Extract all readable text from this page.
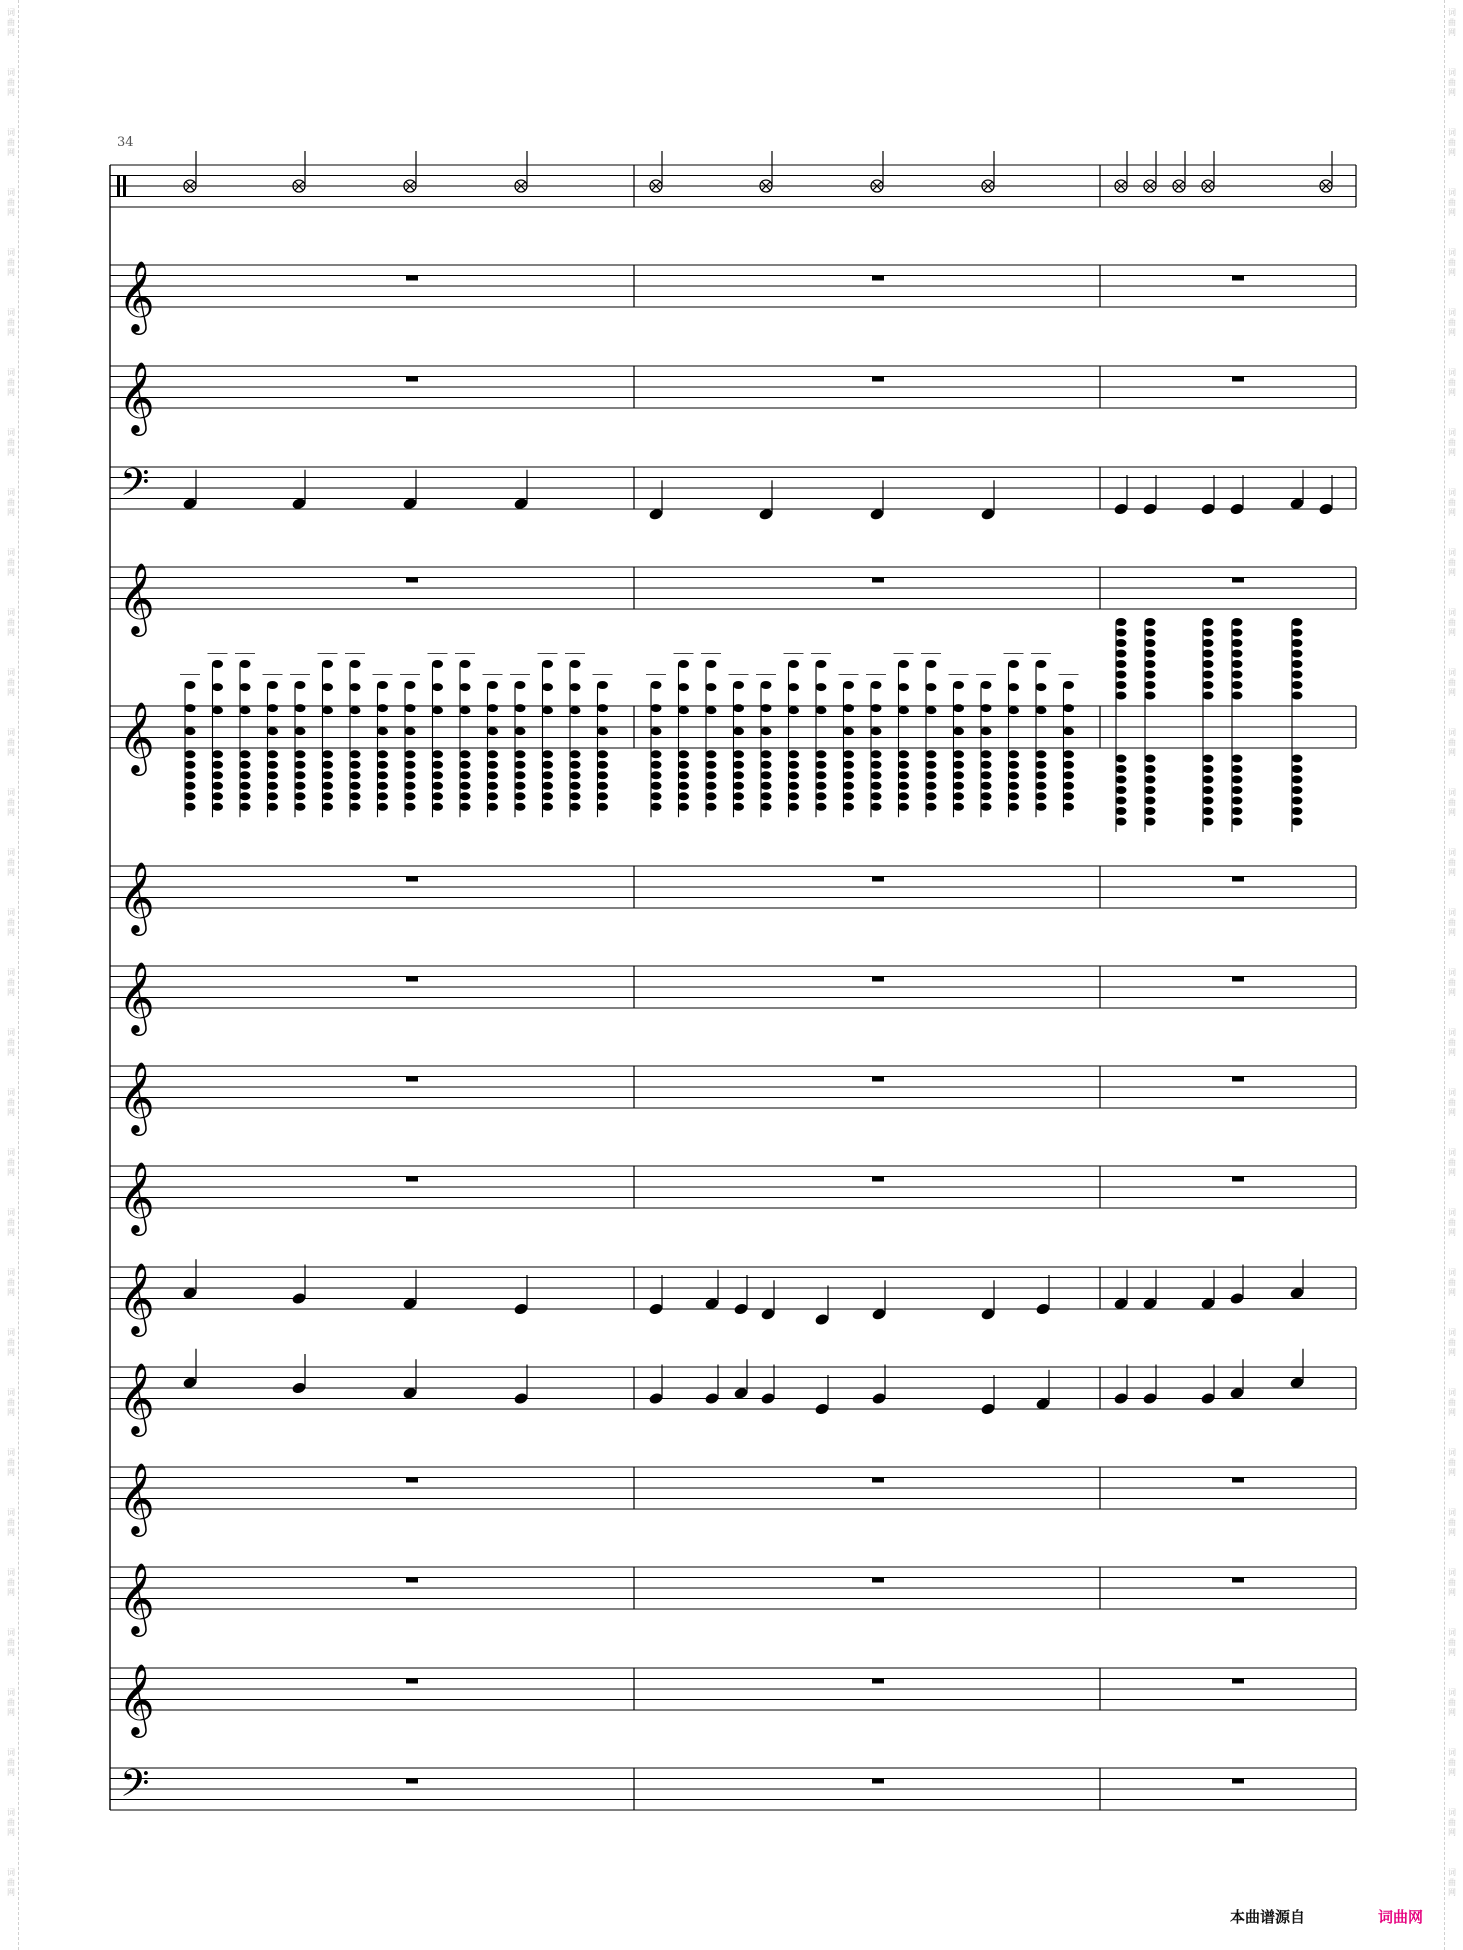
34
𝄞
𝄞
𝄢
𝄞
𝄞
𝄞
𝄞
𝄞
𝄞
𝄞
𝄞
𝄞
𝄞
𝄞
𝄢
本曲谱源自	词曲网
词
曲
网
词
曲
网
词
曲
网
词
曲
网
词
曲
网
词
曲
网
词
曲
网
词
曲
网
词
曲
网
词
曲
网
词
曲
网
词
曲
网
词
曲
网
词
曲
网
词
曲
网
词
曲
网
词
曲
网
词
曲
网
词
曲
网
词
曲
网
词
曲
网
词
曲
网
词
曲
网
词
曲
网
词
曲
网
词
曲
网
词
曲
网
词
曲
网
词
曲
网
词
曲
网
词
曲
网
词
曲
网
词
曲
网
词
曲
网
词
曲
网
词
曲
网
词
曲
网
词
曲
网
词
曲
网
词
曲
网
词
曲
网
词
曲
网
词
曲
网
词
曲
网
词
曲
网
词
曲
网
词
曲
网
词
曲
网
词
曲
网
词
曲
网
词
曲
网
词
曲
网
词
曲
网
词
曲
网
词
曲
网
词
曲
网
词
曲
网
词
曲
网
词
曲
网
词
曲
网
词
曲
网
词
曲
网
词
曲
网
词
曲
网
